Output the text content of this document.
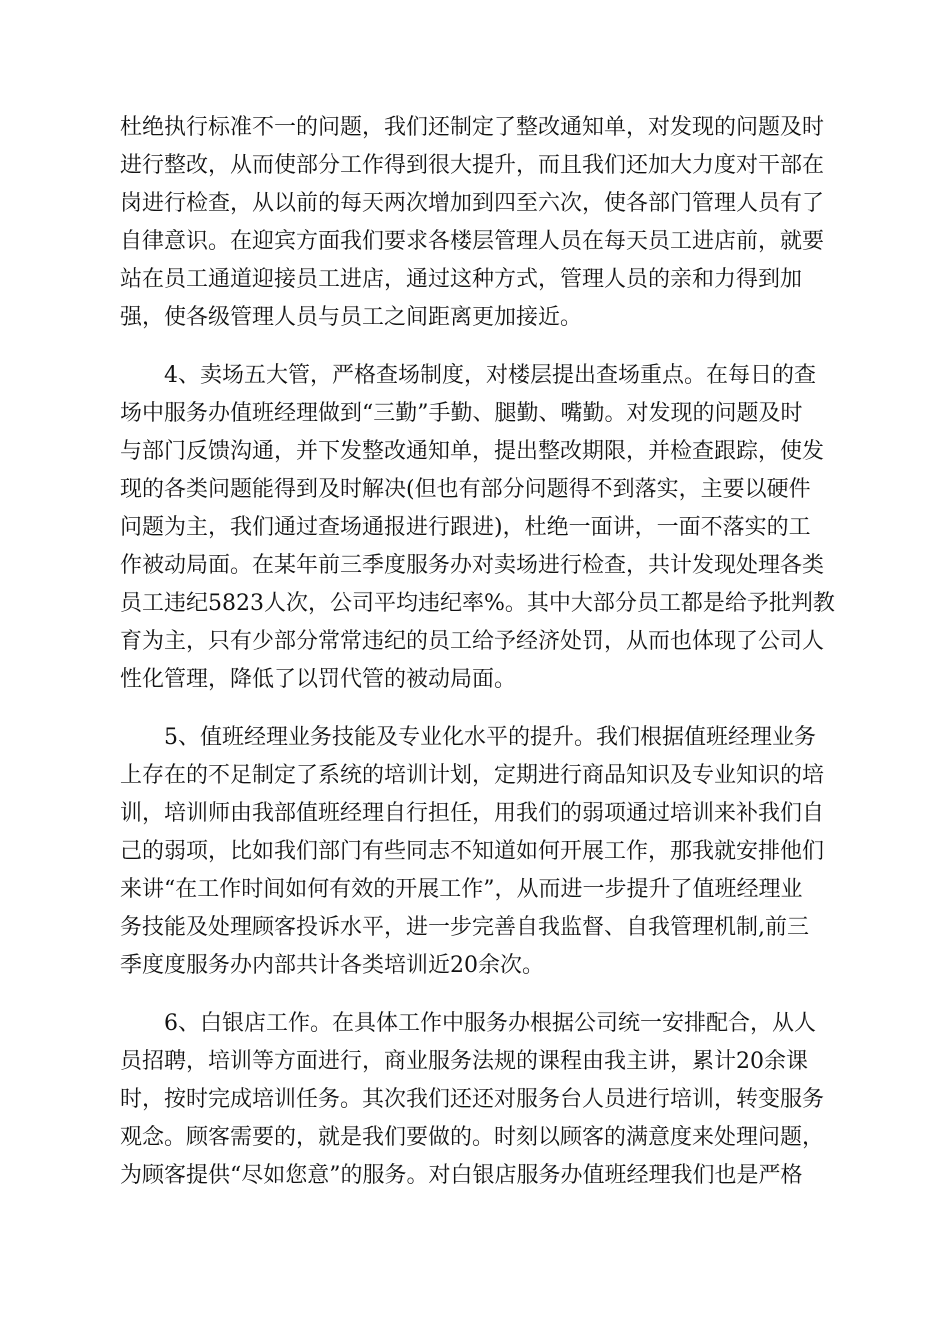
杜绝执行标准不一的问题，我们还制定了整改通知单，对发现的问题及时
进行整改，从而使部分工作得到很大提升，而且我们还加大力度对干部在
岗进行检查，从以前的每天两次增加到四至六次，使各部门管理人员有了
自律意识。在迎宾方面我们要求各楼层管理人员在每天员工进店前，就要
站在员工通道迎接员工进店，通过这种方式，管理人员的亲和力得到加
强，使各级管理人员与员工之间距离更加接近。
4、卖场五大管，严格查场制度，对楼层提出查场重点。在每日的查
场中服务办值班经理做到“三勤”手勤、腿勤、嘴勤。对发现的问题及时
与部门反馈沟通，并下发整改通知单，提出整改期限，并检查跟踪，使发
现的各类问题能得到及时解决(但也有部分问题得不到落实，主要以硬件
问题为主，我们通过查场通报进行跟进)，杜绝一面讲，一面不落实的工
作被动局面。在某年前三季度服务办对卖场进行检查，共计发现处理各类
员工违纪5823人次，公司平均违纪率%。其中大部分员工都是给予批判教
育为主，只有少部分常常违纪的员工给予经济处罚，从而也体现了公司人
性化管理，降低了以罚代管的被动局面。
5、值班经理业务技能及专业化水平的提升。我们根据值班经理业务
上存在的不足制定了系统的培训计划，定期进行商品知识及专业知识的培
训，培训师由我部值班经理自行担任，用我们的弱项通过培训来补我们自
己的弱项，比如我们部门有些同志不知道如何开展工作，那我就安排他们
来讲“在工作时间如何有效的开展工作”，从而进一步提升了值班经理业
务技能及处理顾客投诉水平，进一步完善自我监督、自我管理机制,前三
季度度服务办内部共计各类培训近20余次。
6、白银店工作。在具体工作中服务办根据公司统一安排配合，从人
员招聘，培训等方面进行，商业服务法规的课程由我主讲，累计20余课
时，按时完成培训任务。其次我们还还对服务台人员进行培训，转变服务
观念。顾客需要的，就是我们要做的。时刻以顾客的满意度来处理问题，
为顾客提供“尽如您意”的服务。对白银店服务办值班经理我们也是严格
